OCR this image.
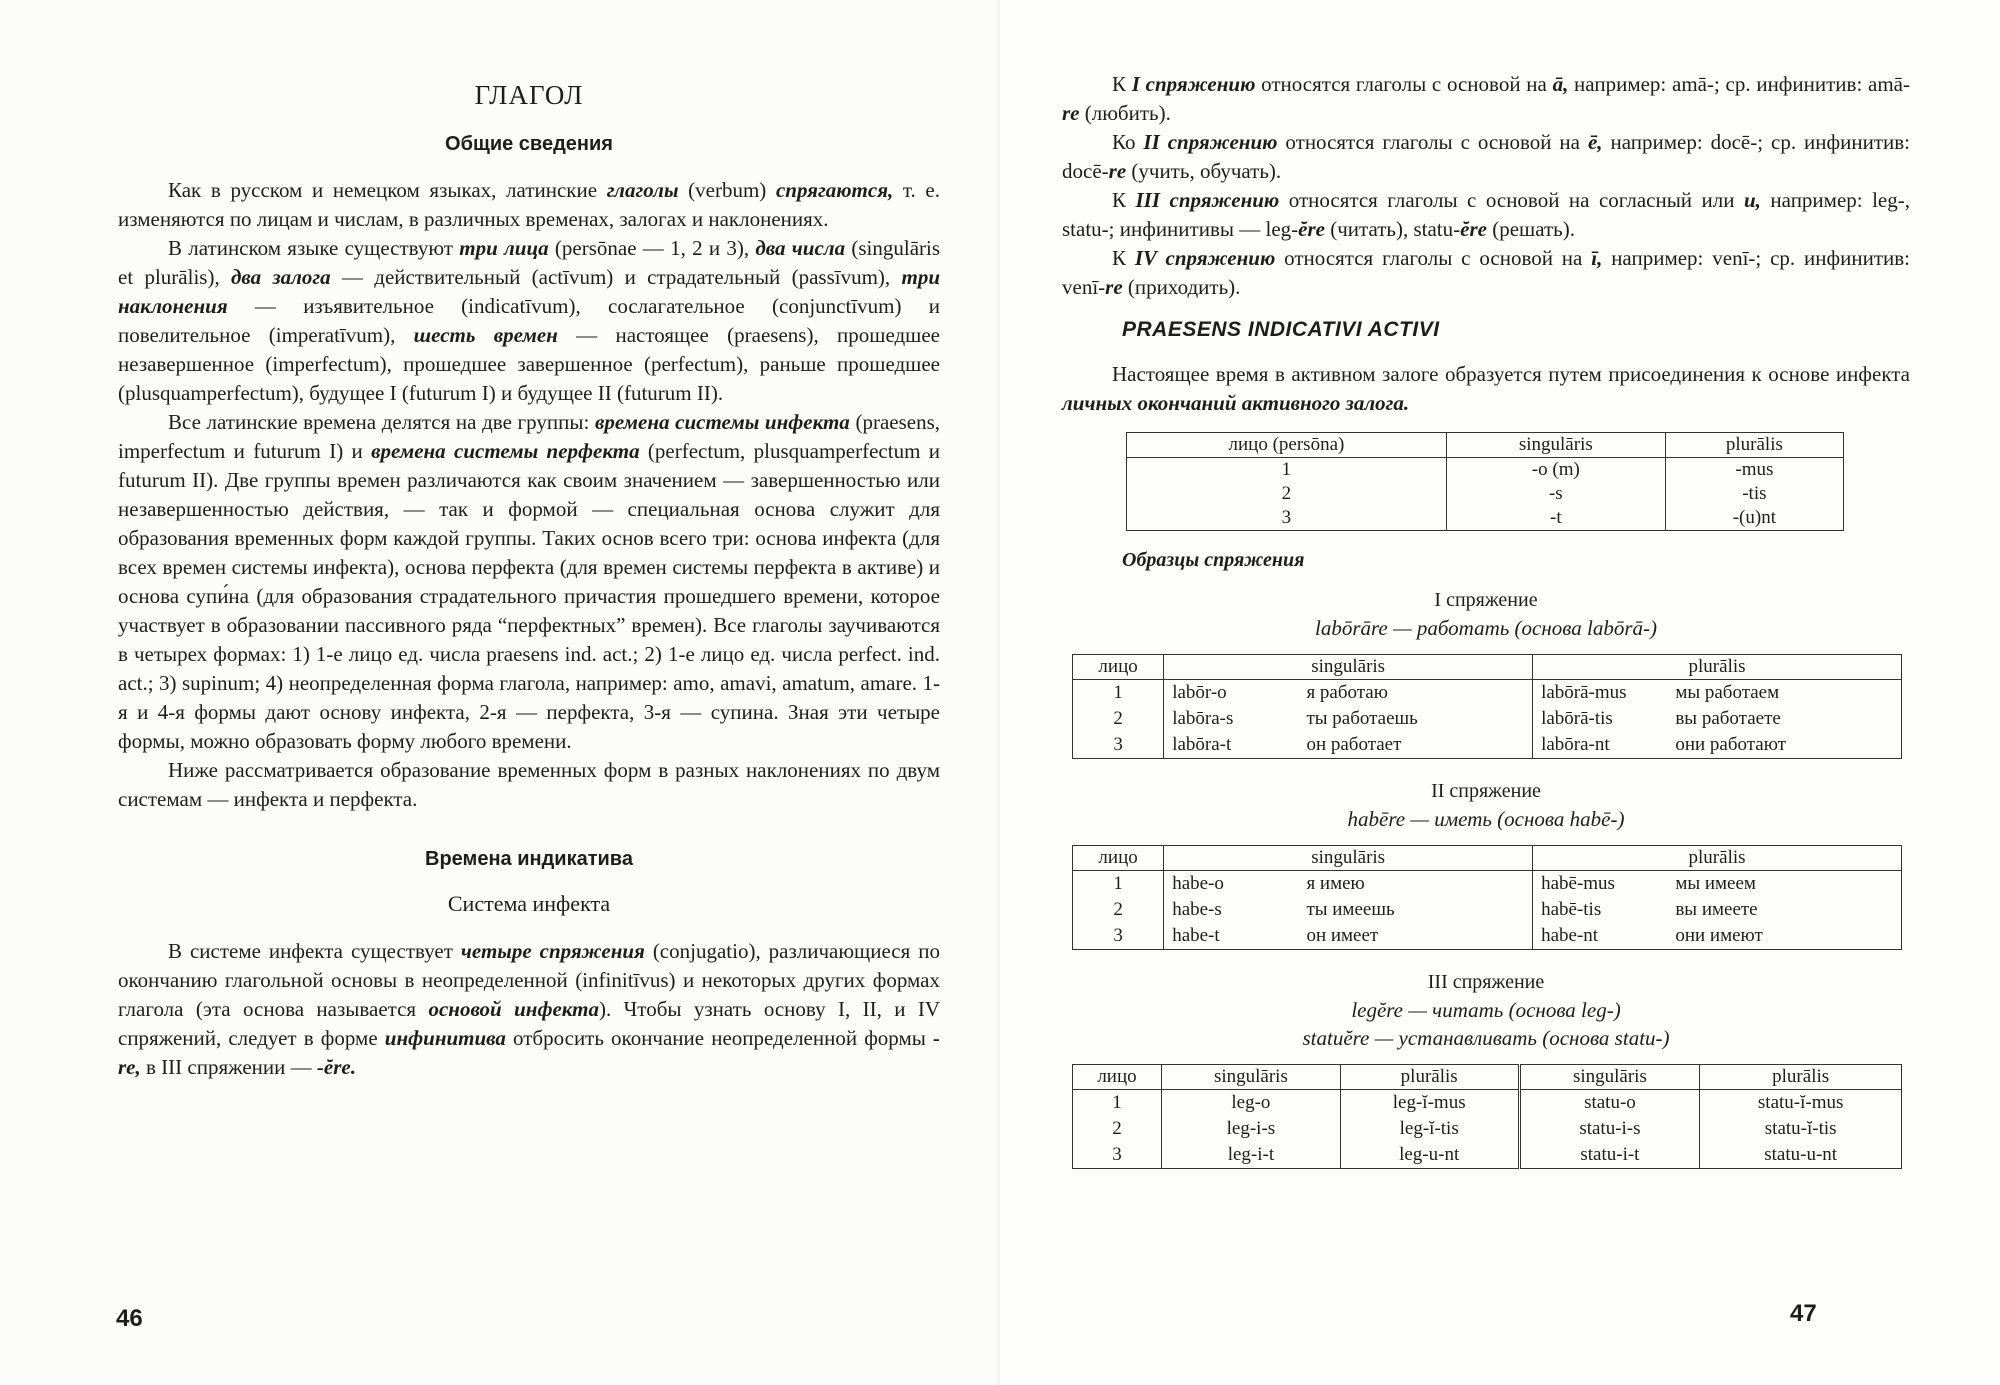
ГЛАГОЛ
Общие сведения

Как в русском и немецком языках, латинские глаголы (verbum) спрягаются, т. е. изменяются по лицам и числам, в различных временах, залогах и наклонениях.

В латинском языке существуют три лица (persōnae — 1, 2 и 3), два числа (singulāris et plurālis), два залога — действительный (actīvum) и страдательный (passīvum), три наклонения — изъявительное (indicatīvum), сослагательное (conjunctīvum) и повелительное (imperatīvum), шесть времен — настоящее (praesens), прошедшее незавершенное (imperfectum), прошедшее завершенное (perfectum), раньше прошедшее (plusquamperfectum), будущее I (futurum I) и будущее II (futurum II).

Все латинские времена делятся на две группы: времена системы инфекта (praesens, imperfectum и futurum I) и времена системы перфекта (perfectum, plusquamperfectum и futurum II). Две группы времен различаются как своим значением — завершенностью или незавершенностью действия, — так и формой — специальная основа служит для образования временных форм каждой группы. Таких основ всего три: основа инфекта (для всех времен системы инфекта), основа перфекта (для времен системы перфекта в активе) и основа супи́на (для образования страдательного причастия прошедшего времени, которое участвует в образовании пассивного ряда “перфектных” времен). Все глаголы заучиваются в четырех формах: 1) 1-е лицо ед. числа praesens ind. act.; 2) 1-е лицо ед. числа perfect. ind. act.; 3) supinum; 4) неопределенная форма глагола, например: amo, amavi, amatum, amare. 1-я и 4-я формы дают основу инфекта, 2-я — перфекта, 3-я — супина. Зная эти четыре формы, можно образовать форму любого времени.

Ниже рассматривается образование временных форм в разных наклонениях по двум системам — инфекта и перфекта.

Времена индикатива
Система инфекта

В системе инфекта существует четыре спряжения (conjugatio), различающиеся по окончанию глагольной основы в неопределенной (infinitīvus) и некоторых других формах глагола (эта основа называется основой инфекта). Чтобы узнать основу I, II, и IV спряжений, следует в форме инфинитива отбросить окончание неопределенной формы -re, в III спряжении — -ĕre.

46

К I спряжению относятся глаголы с основой на ā, например: amā-; ср. инфинитив: amā-re (любить).

Ко II спряжению относятся глаголы с основой на ē, например: docē-; ср. инфинитив: docē-re (учить, обучать).

К III спряжению относятся глаголы с основой на согласный или u, например: leg-, statu-; инфинитивы — leg-ĕre (читать), statu-ĕre (решать).

К IV спряжению относятся глаголы с основой на ī, например: venī-; ср. инфинитив: venī-re (приходить).

PRAESENS INDICATIVI ACTIVI

Настоящее время в активном залоге образуется путем присоединения к основе инфекта личных окончаний активного залога.

лицо (persōna)	singulāris	plurālis
1	-o (m)	-mus
2	-s	-tis
3	-t	-(u)nt
Образцы спряжения
I спряжение
labōrāre — работать (основа labōrā-)
лицо	singulāris		plurālis	
1	labōr-o	я работаю	labōrā-mus	мы работаем
2	labōra-s	ты работаешь	labōrā-tis	вы работаете
3	labōra-t	он работает	labōra-nt	они работают
II спряжение
habēre — иметь (основа habē-)
лицо	singulāris		plurālis	
1	habe-o	я имею	habē-mus	мы имеем
2	habe-s	ты имеешь	habē-tis	вы имеете
3	habe-t	он имеет	habe-nt	они имеют
III спряжение
legĕre — читать (основа leg-)
statuĕre — устанавливать (основа statu-)
лицо	singulāris	plurālis	singulāris	plurālis
1	leg-o	leg-ĭ-mus	statu-o	statu-ĭ-mus
2	leg-i-s	leg-ĭ-tis	statu-i-s	statu-ĭ-tis
3	leg-i-t	leg-u-nt	statu-i-t	statu-u-nt
47
